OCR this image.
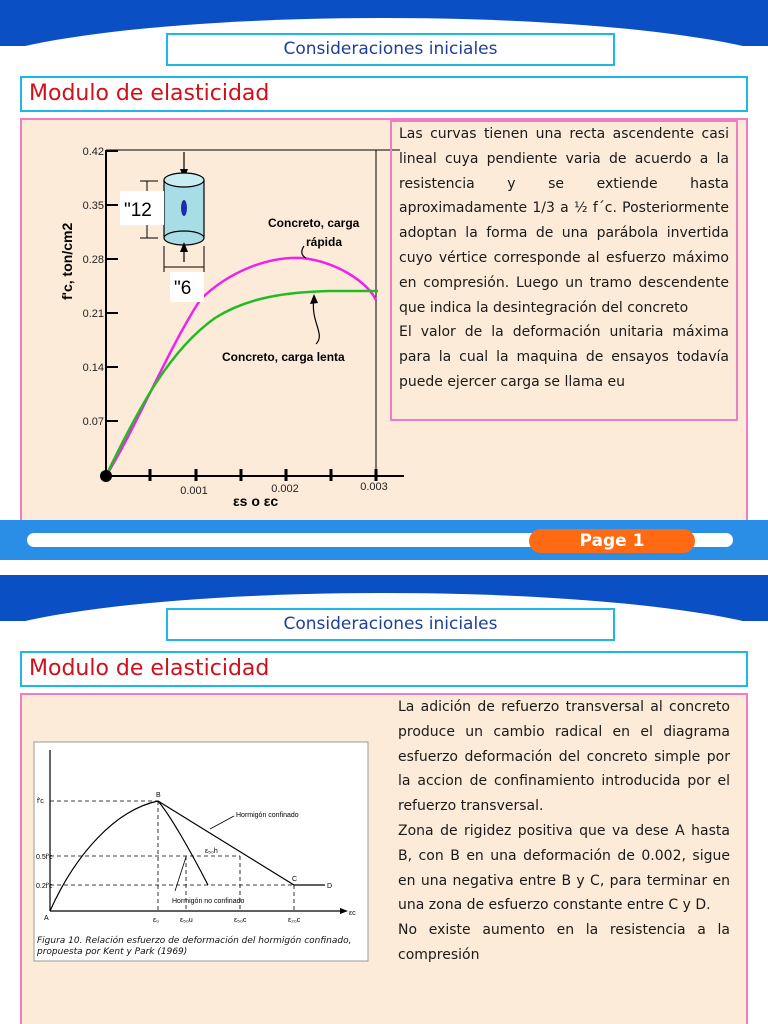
Consideraciones iniciales
Modulo de elasticidad
0.07
0.14
0.21
0.28
0.35
0.42
0.001	0.002	0.003
f'c, ton/cm2
εs o εc
Concreto, carga
rápida
Concreto, carga lenta
"12
"6
Las curvas tienen una recta ascendente casi lineal cuya pendiente varia de acuerdo a la resistencia y se extiende hasta aproximadamente 1/3 a ½ f´c. Posteriormente adoptan la forma de una parábola invertida cuyo vértice corresponde al esfuerzo máximo en compresión. Luego un tramo descendente que indica la desintegración del concreto
El valor de la deformación unitaria máxima para la cual la maquina de ensayos todavía puede ejercer carga se llama eu
Page 1
Consideraciones iniciales
Modulo de elasticidad
f'c
0.5f'c
0.2f'c
A
B
C
D
ε₀	ε₅₀u	ε₅₀c	ε₂₀c
εc
Hormigón confinado
ε₅₀h
Hormigón no confinado
Figura 10. Relación esfuerzo de deformación del hormigón confinado, propuesta por Kent y Park (1969)
La adición de refuerzo transversal al concreto produce un cambio radical en el diagrama esfuerzo deformación del concreto simple por la accion de confinamiento introducida por el refuerzo transversal.
Zona de rigidez positiva que va dese A hasta B, con B en una deformación de 0.002, sigue en una negativa entre B y C, para terminar en una zona de esfuerzo constante entre C y D.
No existe aumento en la resistencia a la compresión
